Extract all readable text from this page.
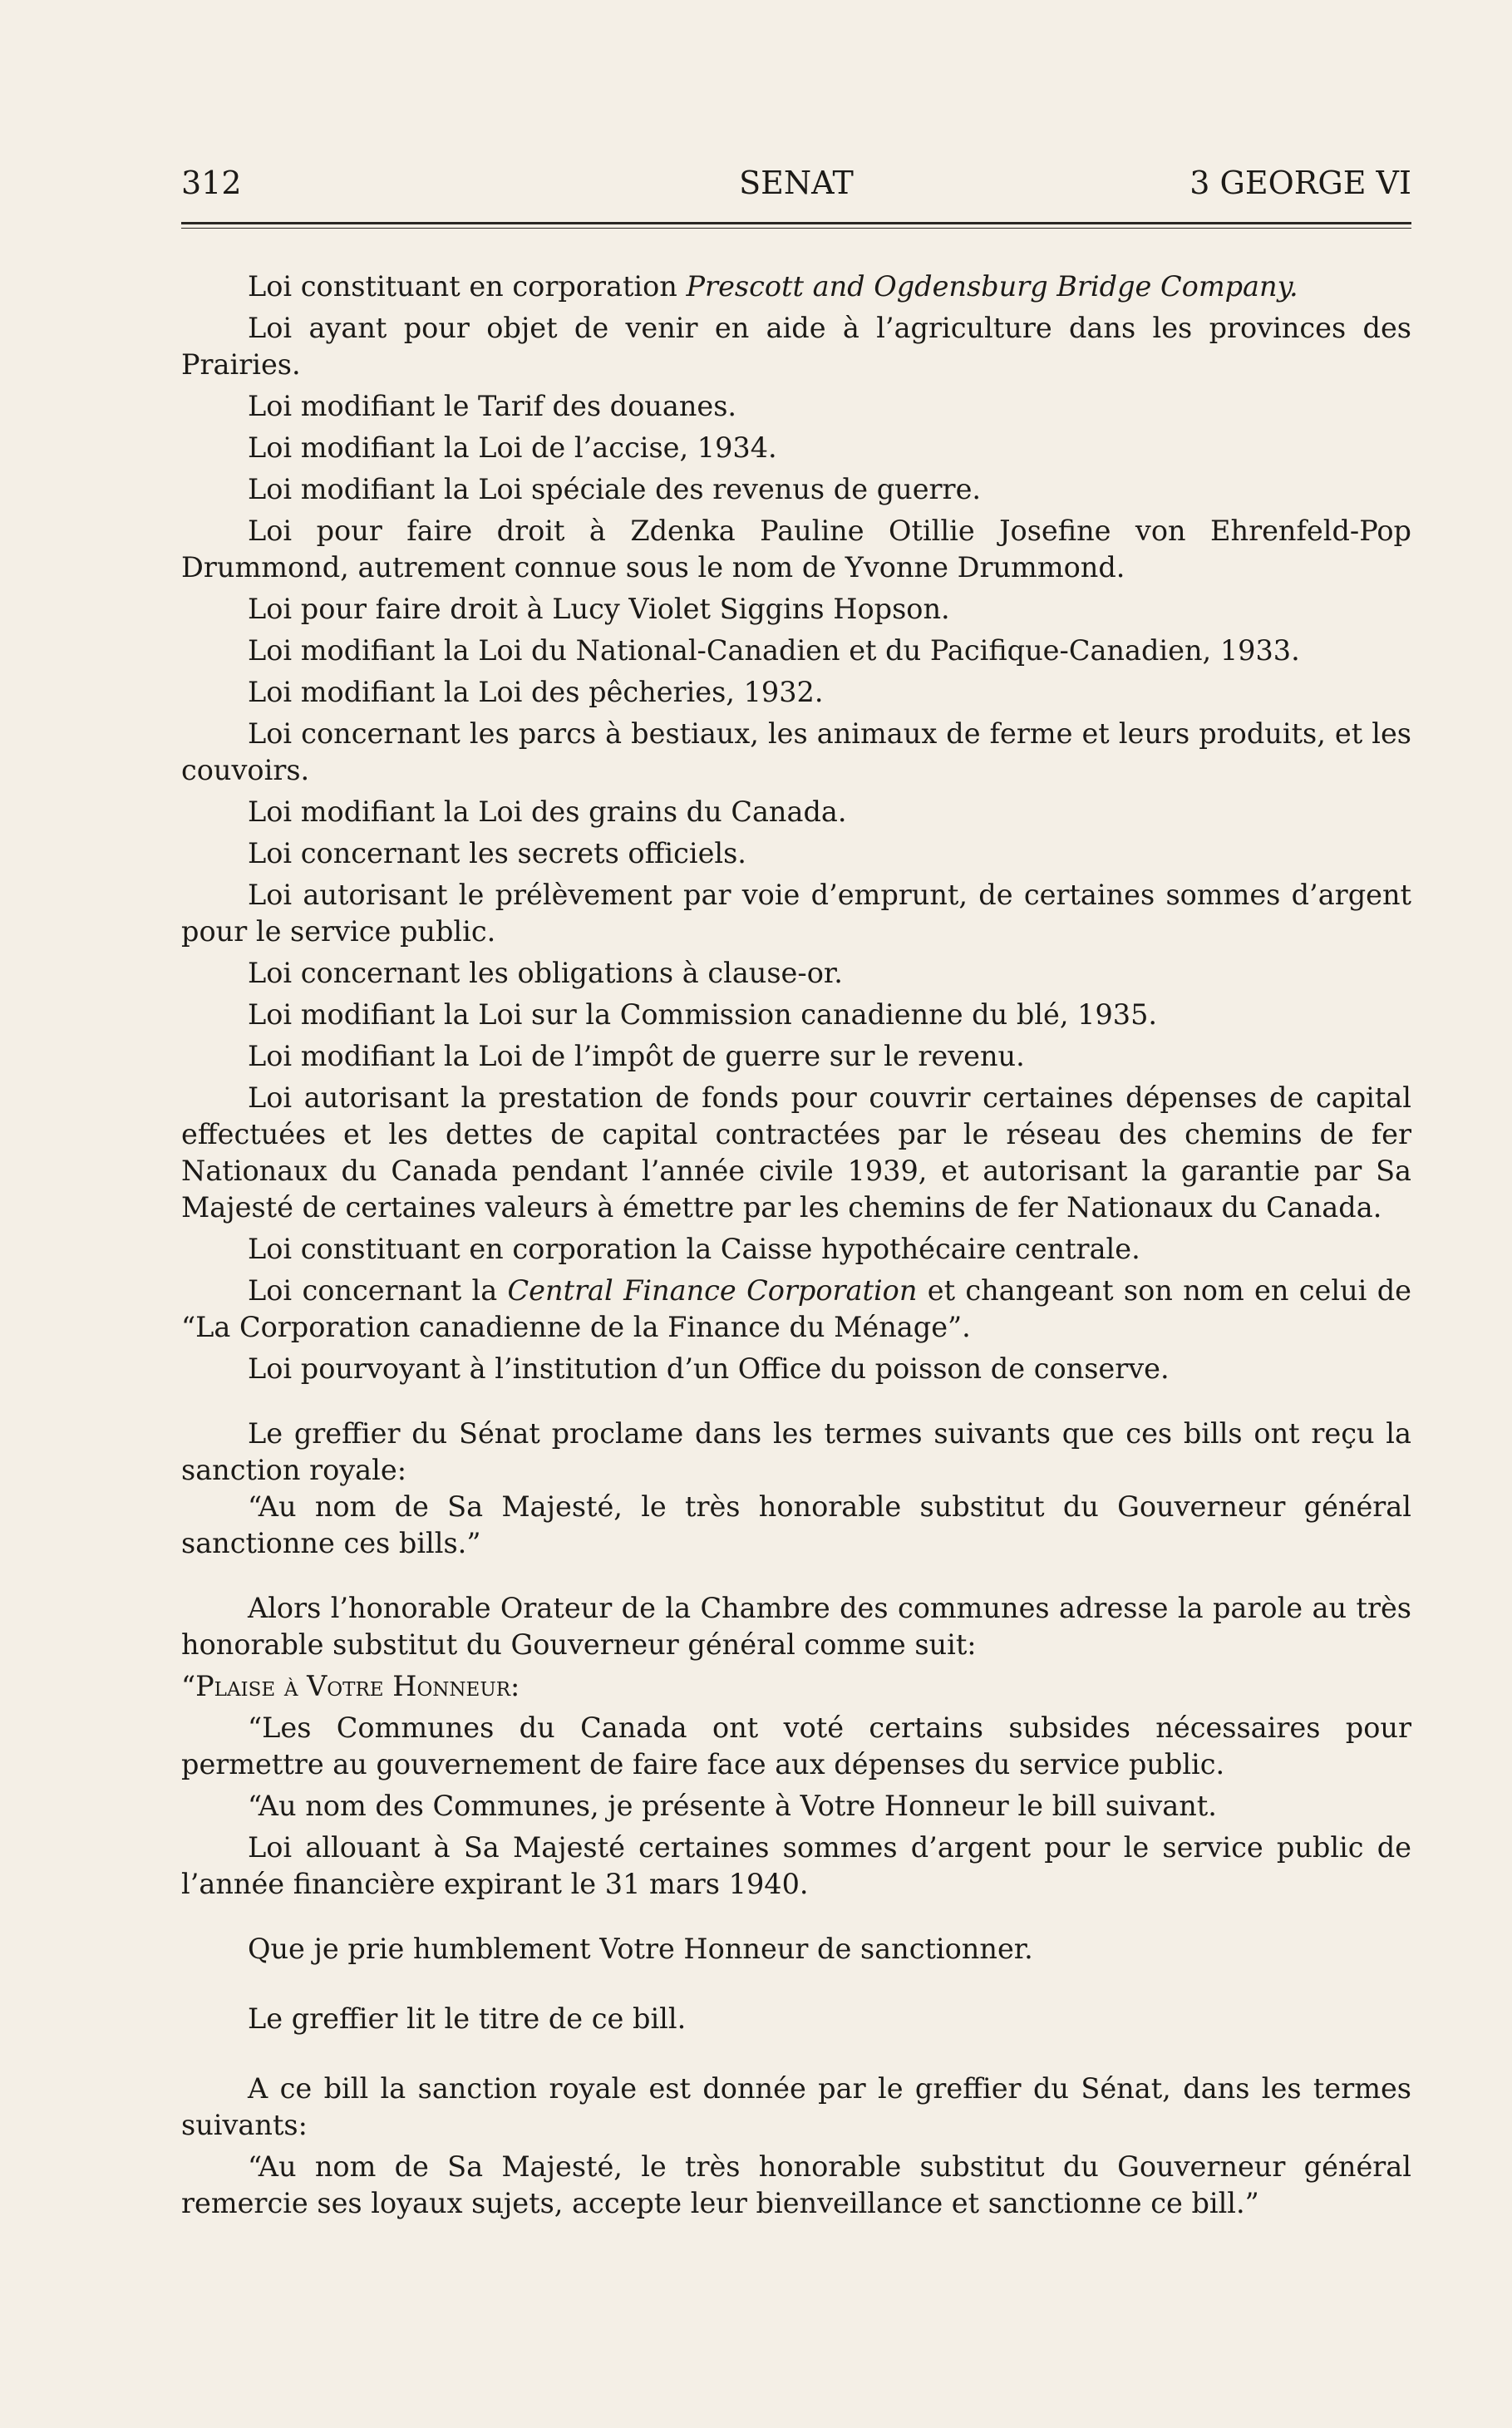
312	SENAT	3 GEORGE VI

Loi constituant en corporation Prescott and Ogdensburg Bridge Company.

Loi ayant pour objet de venir en aide à l’agriculture dans les provinces des Prairies.

Loi modifiant le Tarif des douanes.

Loi modifiant la Loi de l’accise, 1934.

Loi modifiant la Loi spéciale des revenus de guerre.

Loi pour faire droit à Zdenka Pauline Otillie Josefine von Ehrenfeld-Pop Drummond, autrement connue sous le nom de Yvonne Drummond.

Loi pour faire droit à Lucy Violet Siggins Hopson.

Loi modifiant la Loi du National-Canadien et du Pacifique-Canadien, 1933.

Loi modifiant la Loi des pêcheries, 1932.

Loi concernant les parcs à bestiaux, les animaux de ferme et leurs produits, et les couvoirs.

Loi modifiant la Loi des grains du Canada.

Loi concernant les secrets officiels.

Loi autorisant le prélèvement par voie d’emprunt, de certaines sommes d’argent pour le service public.

Loi concernant les obligations à clause-or.

Loi modifiant la Loi sur la Commission canadienne du blé, 1935.

Loi modifiant la Loi de l’impôt de guerre sur le revenu.

Loi autorisant la prestation de fonds pour couvrir certaines dépenses de capital effectuées et les dettes de capital contractées par le réseau des chemins de fer Nationaux du Canada pendant l’année civile 1939, et autorisant la garantie par Sa Majesté de certaines valeurs à émettre par les chemins de fer Nationaux du Canada.

Loi constituant en corporation la Caisse hypothécaire centrale.

Loi concernant la Central Finance Corporation et changeant son nom en celui de “La Corporation canadienne de la Finance du Ménage”.

Loi pourvoyant à l’institution d’un Office du poisson de conserve.

Le greffier du Sénat proclame dans les termes suivants que ces bills ont reçu la sanction royale:

“Au nom de Sa Majesté, le très honorable substitut du Gouverneur général sanctionne ces bills.”

Alors l’honorable Orateur de la Chambre des communes adresse la parole au très honorable substitut du Gouverneur général comme suit:

“Plaise à Votre Honneur:

“Les Communes du Canada ont voté certains subsides nécessaires pour permettre au gouvernement de faire face aux dépenses du service public.

“Au nom des Communes, je présente à Votre Honneur le bill suivant.

Loi allouant à Sa Majesté certaines sommes d’argent pour le service public de l’année financière expirant le 31 mars 1940.

Que je prie humblement Votre Honneur de sanctionner.

Le greffier lit le titre de ce bill.

A ce bill la sanction royale est donnée par le greffier du Sénat, dans les termes suivants:

“Au nom de Sa Majesté, le très honorable substitut du Gouverneur général remercie ses loyaux sujets, accepte leur bienveillance et sanctionne ce bill.”
